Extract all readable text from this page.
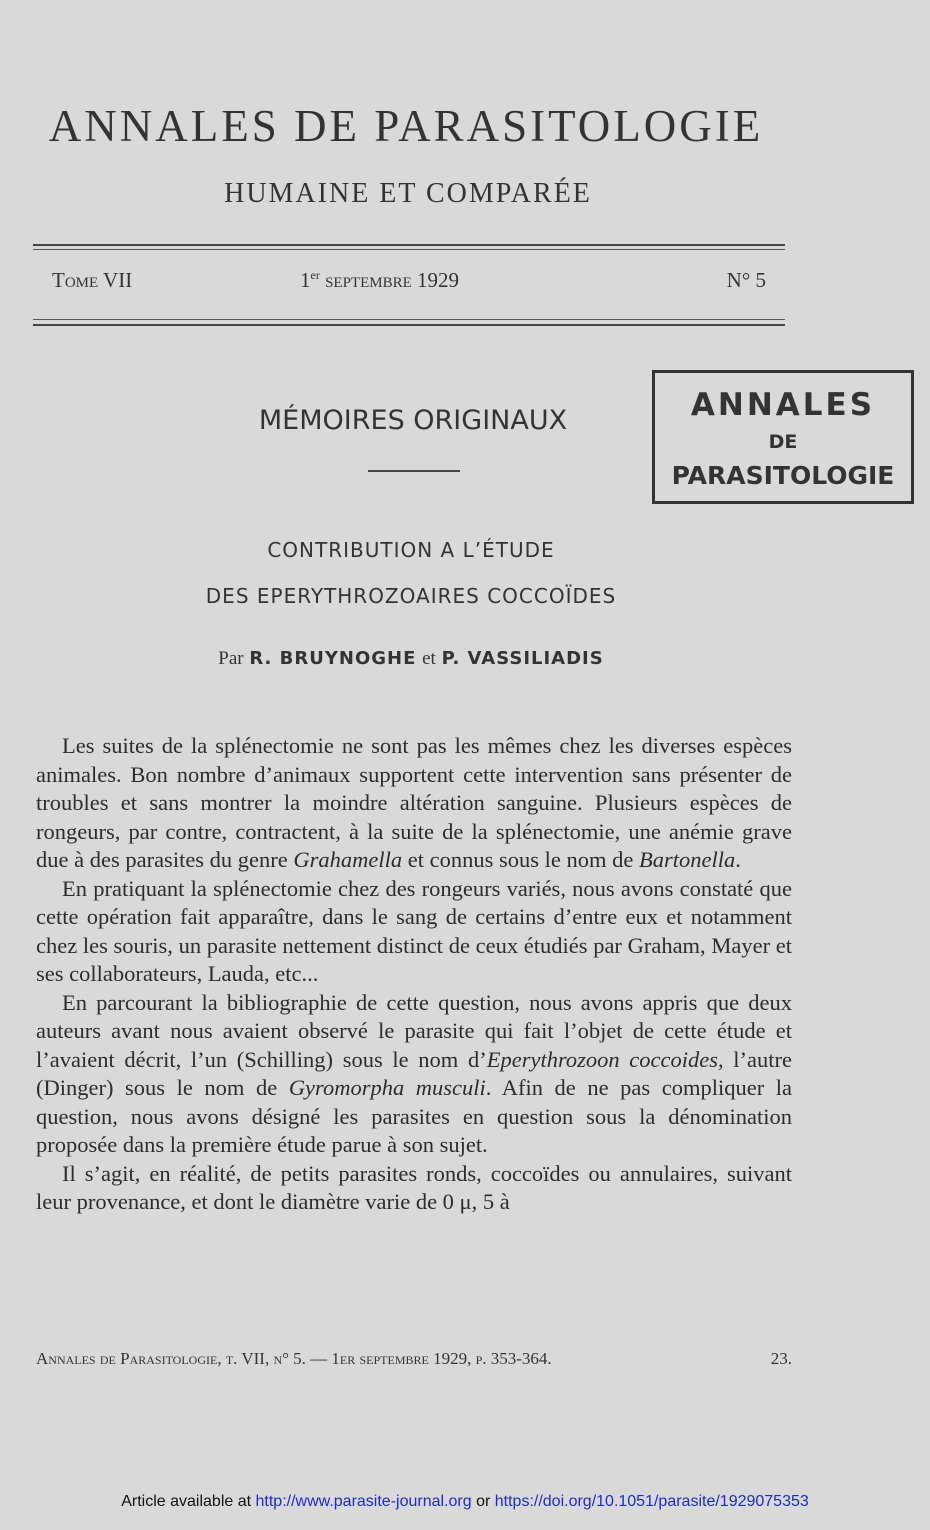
ANNALES DE PARASITOLOGIE
HUMAINE ET COMPARÉE
Tome VII	1er septembre 1929	N° 5
ANNALES
DE
PARASITOLOGIE
MÉMOIRES ORIGINAUX
CONTRIBUTION A L’ÉTUDE
DES EPERYTHROZOAIRES COCCOÏDES
Par R. BRUYNOGHE et P. VASSILIADIS

Les suites de la splénectomie ne sont pas les mêmes chez les diverses espèces animales. Bon nombre d’animaux supportent cette intervention sans présenter de troubles et sans montrer la moindre altération sanguine. Plusieurs espèces de rongeurs, par contre, contractent, à la suite de la splénectomie, une anémie grave due à des parasites du genre Grahamella et connus sous le nom de Bartonella.

En pratiquant la splénectomie chez des rongeurs variés, nous avons constaté que cette opération fait apparaître, dans le sang de certains d’entre eux et notamment chez les souris, un parasite nettement distinct de ceux étudiés par Graham, Mayer et ses collaborateurs, Lauda, etc...

En parcourant la bibliographie de cette question, nous avons appris que deux auteurs avant nous avaient observé le parasite qui fait l’objet de cette étude et l’avaient décrit, l’un (Schilling) sous le nom d’Eperythrozoon coccoides, l’autre (Dinger) sous le nom de Gyromorpha musculi. Afin de ne pas compliquer la question, nous avons désigné les parasites en question sous la dénomination proposée dans la première étude parue à son sujet.

Il s’agit, en réalité, de petits parasites ronds, coccoïdes ou annulaires, suivant leur provenance, et dont le diamètre varie de 0 μ, 5 à

Annales de Parasitologie, t. VII, n° 5. — 1er septembre 1929, p. 353-364.	23.
Article available at http://www.parasite-journal.org or https://doi.org/10.1051/parasite/1929075353
